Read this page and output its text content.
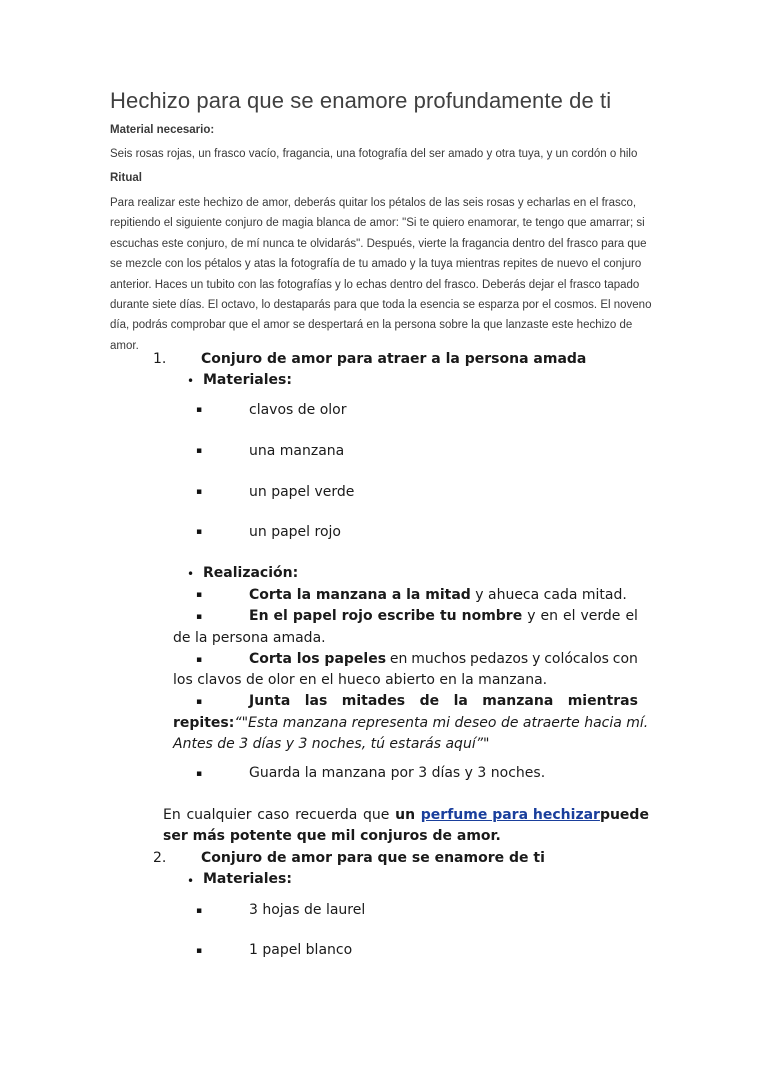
Hechizo para que se enamore profundamente de ti
Material necesario:
Seis rosas rojas, un frasco vacío, fragancia, una fotografía del ser amado y otra tuya, y un cordón o hilo
Ritual
Para realizar este hechizo de amor, deberás quitar los pétalos de las seis rosas y echarlas en el frasco,
repitiendo el siguiente conjuro de magia blanca de amor: "Si te quiero enamorar, te tengo que amarrar; si
escuchas este conjuro, de mí nunca te olvidarás". Después, vierte la fragancia dentro del frasco para que
se mezcle con los pétalos y atas la fotografía de tu amado y la tuya mientras repites de nuevo el conjuro
anterior. Haces un tubito con las fotografías y lo echas dentro del frasco. Deberás dejar el frasco tapado
durante siete días. El octavo, lo destaparás para que toda la esencia se esparza por el cosmos. El noveno
día, podrás comprobar que el amor se despertará en la persona sobre la que lanzaste este hechizo de
amor.
1. Conjuro de amor para atraer a la persona amada
• Materiales:
▪	clavos de olor
▪	una manzana
▪	un papel verde
▪	un papel rojo
• Realización:
▪	Corta la manzana a la mitad y ahueca cada mitad.
▪	En el papel rojo escribe tu nombre y en el verde el
de la persona amada.
▪	Corta los papeles en muchos pedazos y colócalos con
los clavos de olor en el hueco abierto en la manzana.
▪	Junta las mitades de la manzana mientras
repites:“"Esta manzana representa mi deseo de atraerte hacia mí.
Antes de 3 días y 3 noches, tú estarás aquí”"
▪	Guarda la manzana por 3 días y 3 noches.
En cualquier caso recuerda que un perfume para hechizarpuede
ser más potente que mil conjuros de amor.
2. Conjuro de amor para que se enamore de ti
• Materiales:
▪	3 hojas de laurel
▪	1 papel blanco
